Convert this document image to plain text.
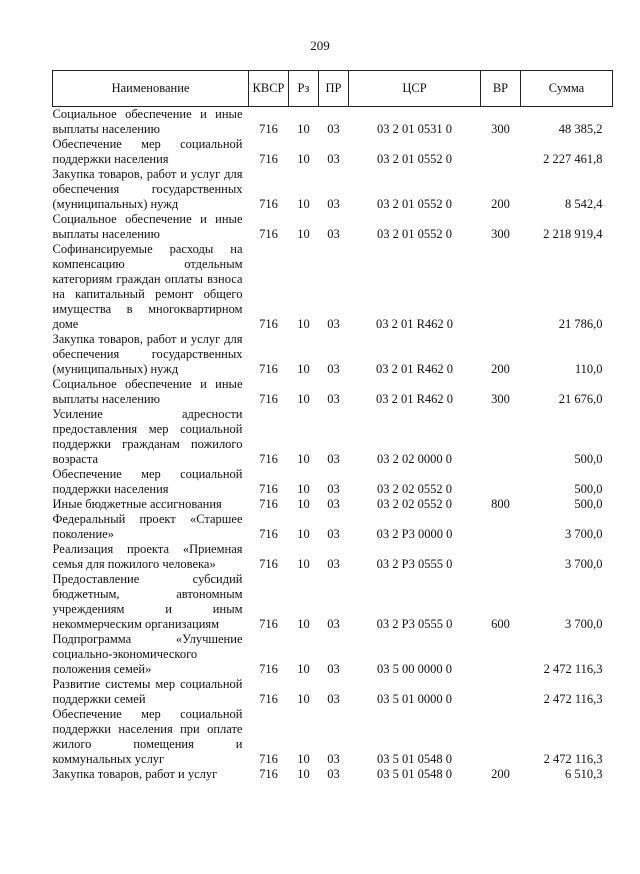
209
Наименование	КВСР	Рз	ПР	ЦСР	ВР	Сумма
Социальное обеспечение и иные выплаты населению	716	10	03	03 2 01 0531 0	300	48 385,2
Обеспечение мер социальной поддержки населения	716	10	03	03 2 01 0552 0		2 227 461,8
Закупка товаров, работ и услуг для обеспечения государственных (муниципальных) нужд	716	10	03	03 2 01 0552 0	200	8 542,4
Социальное обеспечение и иные выплаты населению	716	10	03	03 2 01 0552 0	300	2 218 919,4
Софинансируемые расходы на компенсацию отдельным категориям граждан оплаты взноса на капитальный ремонт общего имущества в многоквартирном доме	716	10	03	03 2 01 R462 0		21 786,0
Закупка товаров, работ и услуг для обеспечения государственных (муниципальных) нужд	716	10	03	03 2 01 R462 0	200	110,0
Социальное обеспечение и иные выплаты населению	716	10	03	03 2 01 R462 0	300	21 676,0
Усиление адресности предоставления мер социальной поддержки гражданам пожилого возраста	716	10	03	03 2 02 0000 0		500,0
Обеспечение мер социальной поддержки населения	716	10	03	03 2 02 0552 0		500,0
Иные бюджетные ассигнования	716	10	03	03 2 02 0552 0	800	500,0
Федеральный проект «Старшее поколение»	716	10	03	03 2 P3 0000 0		3 700,0
Реализация проекта «Приемная семья для пожилого человека»	716	10	03	03 2 P3 0555 0		3 700,0
Предоставление субсидий бюджетным, автономным учреждениям и иным некоммерческим организациям	716	10	03	03 2 P3 0555 0	600	3 700,0
Подпрограмма «Улучшение социально-экономического положения семей»	716	10	03	03 5 00 0000 0		2 472 116,3
Развитие системы мер социальной поддержки семей	716	10	03	03 5 01 0000 0		2 472 116,3
Обеспечение мер социальной поддержки населения при оплате жилого помещения и коммунальных услуг	716	10	03	03 5 01 0548 0		2 472 116,3
Закупка товаров, работ и услуг	716	10	03	03 5 01 0548 0	200	6 510,3
